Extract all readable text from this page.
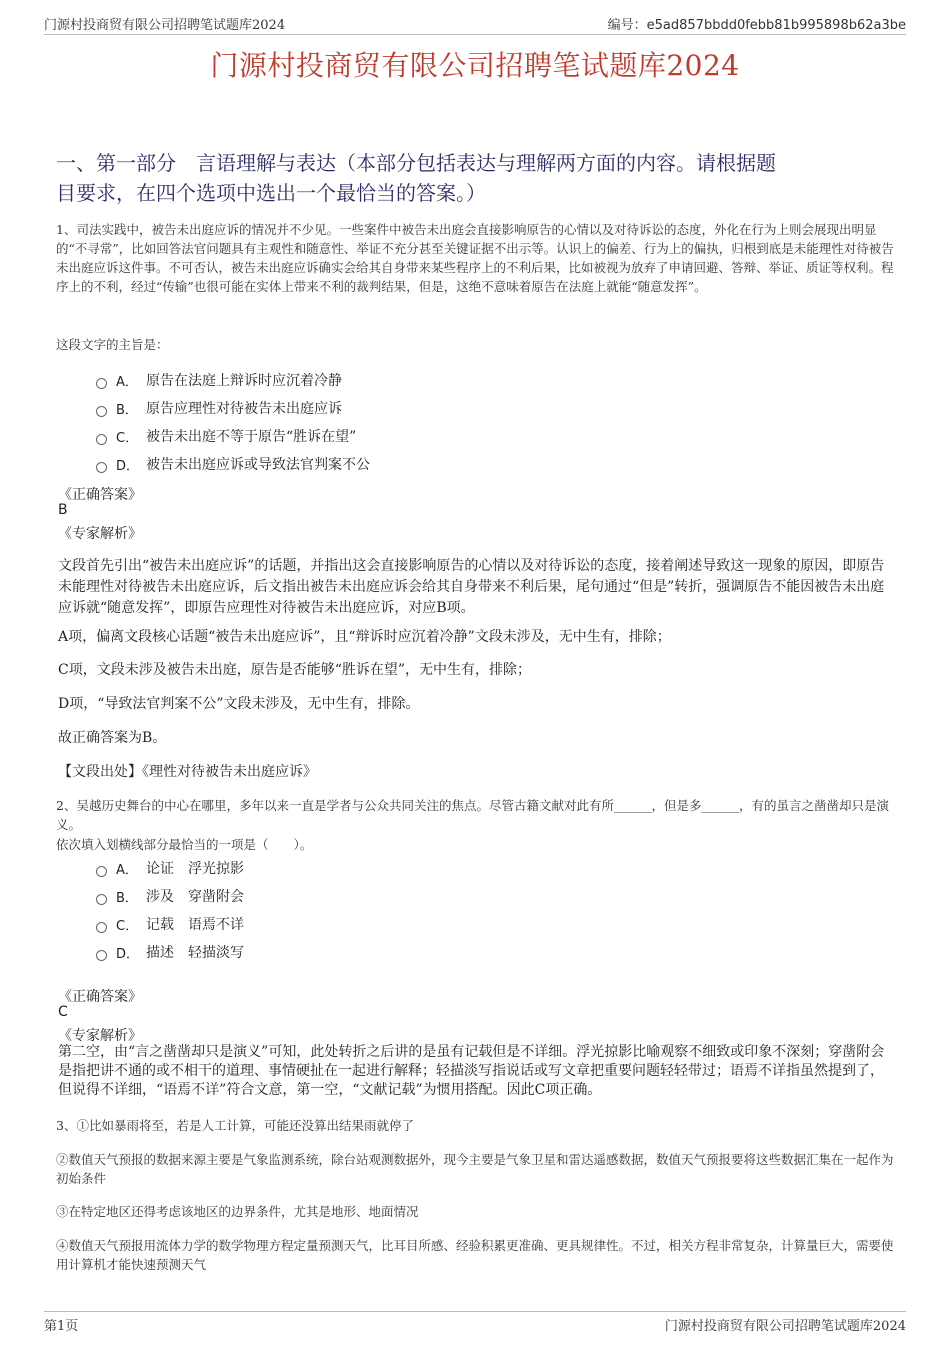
门源村投商贸有限公司招聘笔试题库2024	编号：e5ad857bbdd0febb81b995898b62a3be
门源村投商贸有限公司招聘笔试题库2024
一、第一部分　言语理解与表达（本部分包括表达与理解两方面的内容。请根据题
目要求，在四个选项中选出一个最恰当的答案。）
1、司法实践中，被告未出庭应诉的情况并不少见。一些案件中被告未出庭会直接影响原告的心情以及对待诉讼的态度，外化在行为上则会展现出明显的“不寻常”，比如回答法官问题具有主观性和随意性、举证不充分甚至关键证据不出示等。认识上的偏差、行为上的偏执，归根到底是未能理性对待被告未出庭应诉这件事。不可否认，被告未出庭应诉确实会给其自身带来某些程序上的不利后果，比如被视为放弃了申请回避、答辩、举证、质证等权利。程序上的不利，经过“传输”也很可能在实体上带来不利的裁判结果，但是，这绝不意味着原告在法庭上就能“随意发挥”。
这段文字的主旨是：
A． 原告在法庭上辩诉时应沉着冷静
B． 原告应理性对待被告未出庭应诉
C． 被告未出庭不等于原告“胜诉在望”
D． 被告未出庭应诉或导致法官判案不公
《正确答案》
B
《专家解析》
文段首先引出“被告未出庭应诉”的话题，并指出这会直接影响原告的心情以及对待诉讼的态度，接着阐述导致这一现象的原因，即原告未能理性对待被告未出庭应诉，后文指出被告未出庭应诉会给其自身带来不利后果，尾句通过“但是”转折，强调原告不能因被告未出庭应诉就“随意发挥”，即原告应理性对待被告未出庭应诉，对应B项。
A项，偏离文段核心话题“被告未出庭应诉”，且“辩诉时应沉着冷静”文段未涉及，无中生有，排除；
C项，文段未涉及被告未出庭，原告是否能够“胜诉在望”，无中生有，排除；
D项，“导致法官判案不公”文段未涉及，无中生有，排除。
故正确答案为B。
【文段出处】《理性对待被告未出庭应诉》
2、吴越历史舞台的中心在哪里，多年以来一直是学者与公众共同关注的焦点。尽管古籍文献对此有所______，但是多______，有的虽言之凿凿却只是演义。
依次填入划横线部分最恰当的一项是（　　）。
A． 论证　浮光掠影
B． 涉及　穿凿附会
C． 记载　语焉不详
D． 描述　轻描淡写
《正确答案》
C
《专家解析》
第二空，由“言之凿凿却只是演义”可知，此处转折之后讲的是虽有记载但是不详细。浮光掠影比喻观察不细致或印象不深刻；穿凿附会是指把讲不通的或不相干的道理、事情硬扯在一起进行解释；轻描淡写指说话或写文章把重要问题轻轻带过；语焉不详指虽然提到了，但说得不详细，“语焉不详”符合文意，第一空，“文献记载”为惯用搭配。因此C项正确。
3、①比如暴雨将至，若是人工计算，可能还没算出结果雨就停了
②数值天气预报的数据来源主要是气象监测系统，除台站观测数据外，现今主要是气象卫星和雷达遥感数据，数值天气预报要将这些数据汇集在一起作为初始条件
③在特定地区还得考虑该地区的边界条件，尤其是地形、地面情况
④数值天气预报用流体力学的数学物理方程定量预测天气，比耳目所感、经验积累更准确、更具规律性。不过，相关方程非常复杂，计算量巨大，需要使用计算机才能快速预测天气
第1页	门源村投商贸有限公司招聘笔试题库2024
